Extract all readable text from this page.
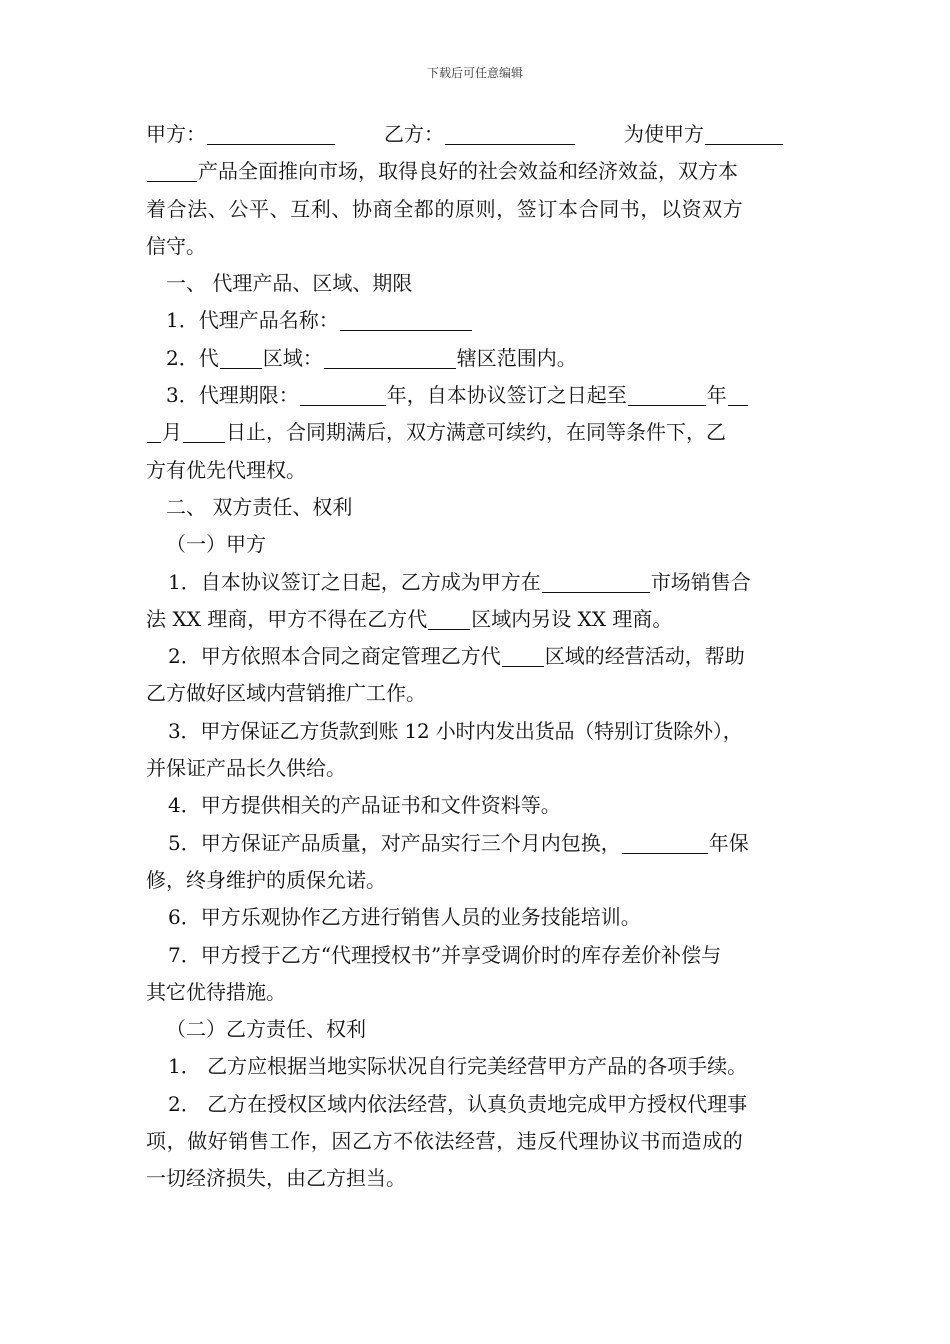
下载后可任意编辑
甲方：	乙方：	为使甲方
产品全面推向市场，取得良好的社会效益和经济效益，双方本
着合法、公平、互利、协商全都的原则，签订本合同书，以资双方
信守。
一、 代理产品、区域、期限
1．代理产品名称：
2．代 区域：	辖区范围内。
3．代理期限：	年，自本协议签订之日起至	年
月 日止，合同期满后，双方满意可续约，在同等条件下，乙
方有优先代理权。
二、 双方责任、权利
（一）甲方
1．自本协议签订之日起，乙方成为甲方在	市场销售合
法 XX 理商，甲方不得在乙方代 区域内另设 XX 理商。
2．甲方依照本合同之商定管理乙方代 区域的经营活动，帮助
乙方做好区域内营销推广工作。
3．甲方保证乙方货款到账 12 小时内发出货品（特别订货除外），
并保证产品长久供给。
4．甲方提供相关的产品证书和文件资料等。
5．甲方保证产品质量，对产品实行三个月内包换，	年保
修，终身维护的质保允诺。
6．甲方乐观协作乙方进行销售人员的业务技能培训。
7．甲方授于乙方“代理授权书”并享受调价时的库存差价补偿与
其它优待措施。
（二）乙方责任、权利
1． 乙方应根据当地实际状况自行完美经营甲方产品的各项手续。
2． 乙方在授权区域内依法经营，认真负责地完成甲方授权代理事
项，做好销售工作，因乙方不依法经营，违反代理协议书而造成的
一切经济损失，由乙方担当。
